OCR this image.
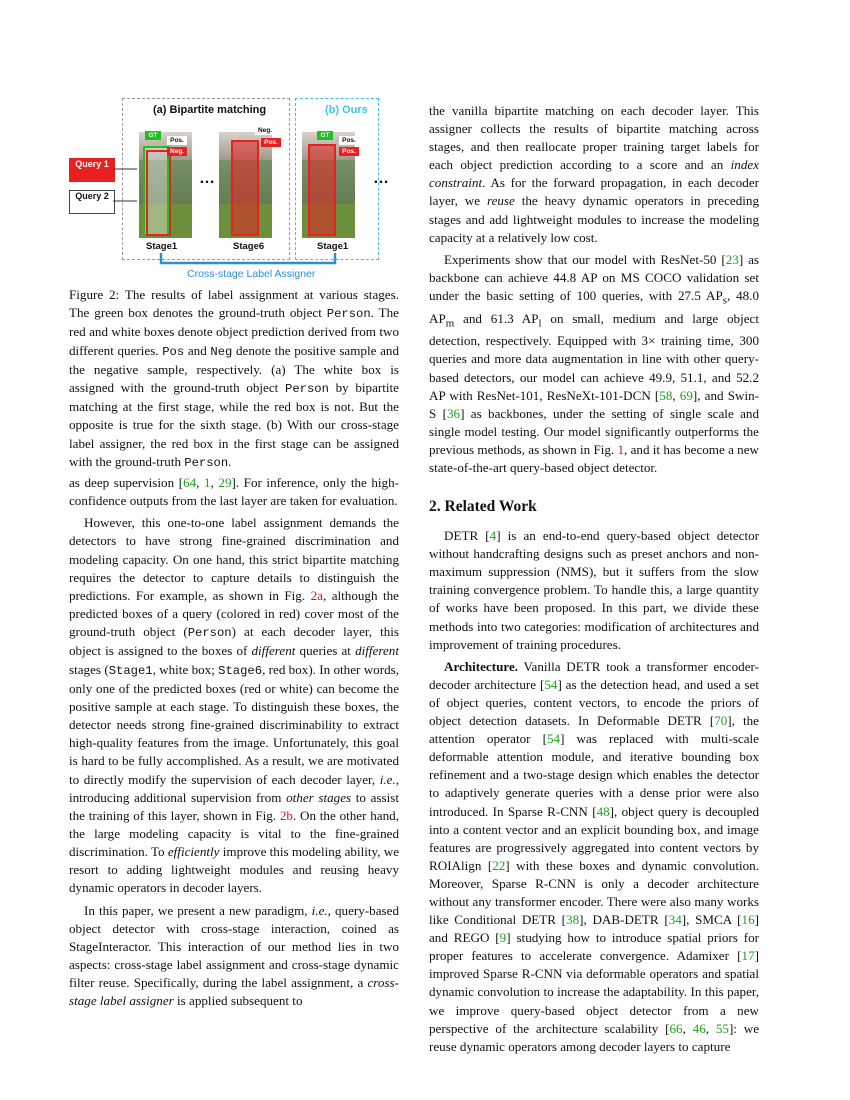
(a) Bipartite matching	(b) Ours
Query 1
Query 2
GT
Pos.
Neg.
Stage1
…
Neg.
Pos.
Stage6
GT
Pos.
Pos.
Stage1
…
Cross-stage Label Assigner
Figure 2: The results of label assignment at various stages. The green box denotes the ground-truth object Person. The red and white boxes denote object prediction derived from two different queries. Pos and Neg denote the positive sample and the negative sample, respectively. (a) The white box is assigned with the ground-truth object Person by bipartite matching at the first stage, while the red box is not. But the opposite is true for the sixth stage. (b) With our cross-stage label assigner, the red box in the first stage can be assigned with the ground-truth Person.

as deep supervision [64, 1, 29]. For inference, only the high-confidence outputs from the last layer are taken for evaluation.

However, this one-to-one label assignment demands the detectors to have strong fine-grained discrimination and modeling capacity. On one hand, this strict bipartite matching requires the detector to capture details to distinguish the predictions. For example, as shown in Fig. 2a, although the predicted boxes of a query (colored in red) cover most of the ground-truth object (Person) at each decoder layer, this object is assigned to the boxes of different queries at different stages (Stage1, white box; Stage6, red box). In other words, only one of the predicted boxes (red or white) can become the positive sample at each stage. To distinguish these boxes, the detector needs strong fine-grained discriminability to extract high-quality features from the image. Unfortunately, this goal is hard to be fully accomplished. As a result, we are motivated to directly modify the supervision of each decoder layer, i.e., introducing additional supervision from other stages to assist the training of this layer, shown in Fig. 2b. On the other hand, the large modeling capacity is vital to the fine-grained discrimination. To efficiently improve this modeling ability, we resort to adding lightweight modules and reusing heavy dynamic operators in decoder layers.

In this paper, we present a new paradigm, i.e., query-based object detector with cross-stage interaction, coined as StageInteractor. This interaction of our method lies in two aspects: cross-stage label assignment and cross-stage dynamic filter reuse. Specifically, during the label assignment, a cross-stage label assigner is applied subsequent to

the vanilla bipartite matching on each decoder layer. This assigner collects the results of bipartite matching across stages, and then reallocate proper training target labels for each object prediction according to a score and an index constraint. As for the forward propagation, in each decoder layer, we reuse the heavy dynamic operators in preceding stages and add lightweight modules to increase the modeling capacity at a relatively low cost.

Experiments show that our model with ResNet-50 [23] as backbone can achieve 44.8 AP on MS COCO validation set under the basic setting of 100 queries, with 27.5 $AP_s$, 48.0 $AP_m$ and 61.3 $AP_l$ on small, medium and large object detection, respectively. Equipped with 3× training time, 300 queries and more data augmentation in line with other query-based detectors, our model can achieve 49.9, 51.1, and 52.2 AP with ResNet-101, ResNeXt-101-DCN [58, 69], and Swin-S [36] as backbones, under the setting of single scale and single model testing. Our model significantly outperforms the previous methods, as shown in Fig. 1, and it has become a new state-of-the-art query-based object detector.

2. Related Work

DETR [4] is an end-to-end query-based object detector without handcrafting designs such as preset anchors and non-maximum suppression (NMS), but it suffers from the slow training convergence problem. To handle this, a large quantity of works have been proposed. In this part, we divide these methods into two categories: modification of architectures and improvement of training procedures.

Architecture. Vanilla DETR took a transformer encoder-decoder architecture [54] as the detection head, and used a set of object queries, content vectors, to encode the priors of object detection datasets. In Deformable DETR [70], the attention operator [54] was replaced with multi-scale deformable attention module, and iterative bounding box refinement and a two-stage design which enables the detector to adaptively generate queries with a dense prior were also introduced. In Sparse R-CNN [48], object query is decoupled into a content vector and an explicit bounding box, and image features are progressively aggregated into content vectors by ROIAlign [22] with these boxes and dynamic convolution. Moreover, Sparse R-CNN is only a decoder architecture without any transformer encoder. There were also many works like Conditional DETR [38], DAB-DETR [34], SMCA [16] and REGO [9] studying how to introduce spatial priors for proper features to accelerate convergence. Adamixer [17] improved Sparse R-CNN via deformable operators and spatial dynamic convolution to increase the adaptability. In this paper, we improve query-based object detector from a new perspective of the architecture scalability [66, 46, 55]: we reuse dynamic operators among decoder layers to capture
